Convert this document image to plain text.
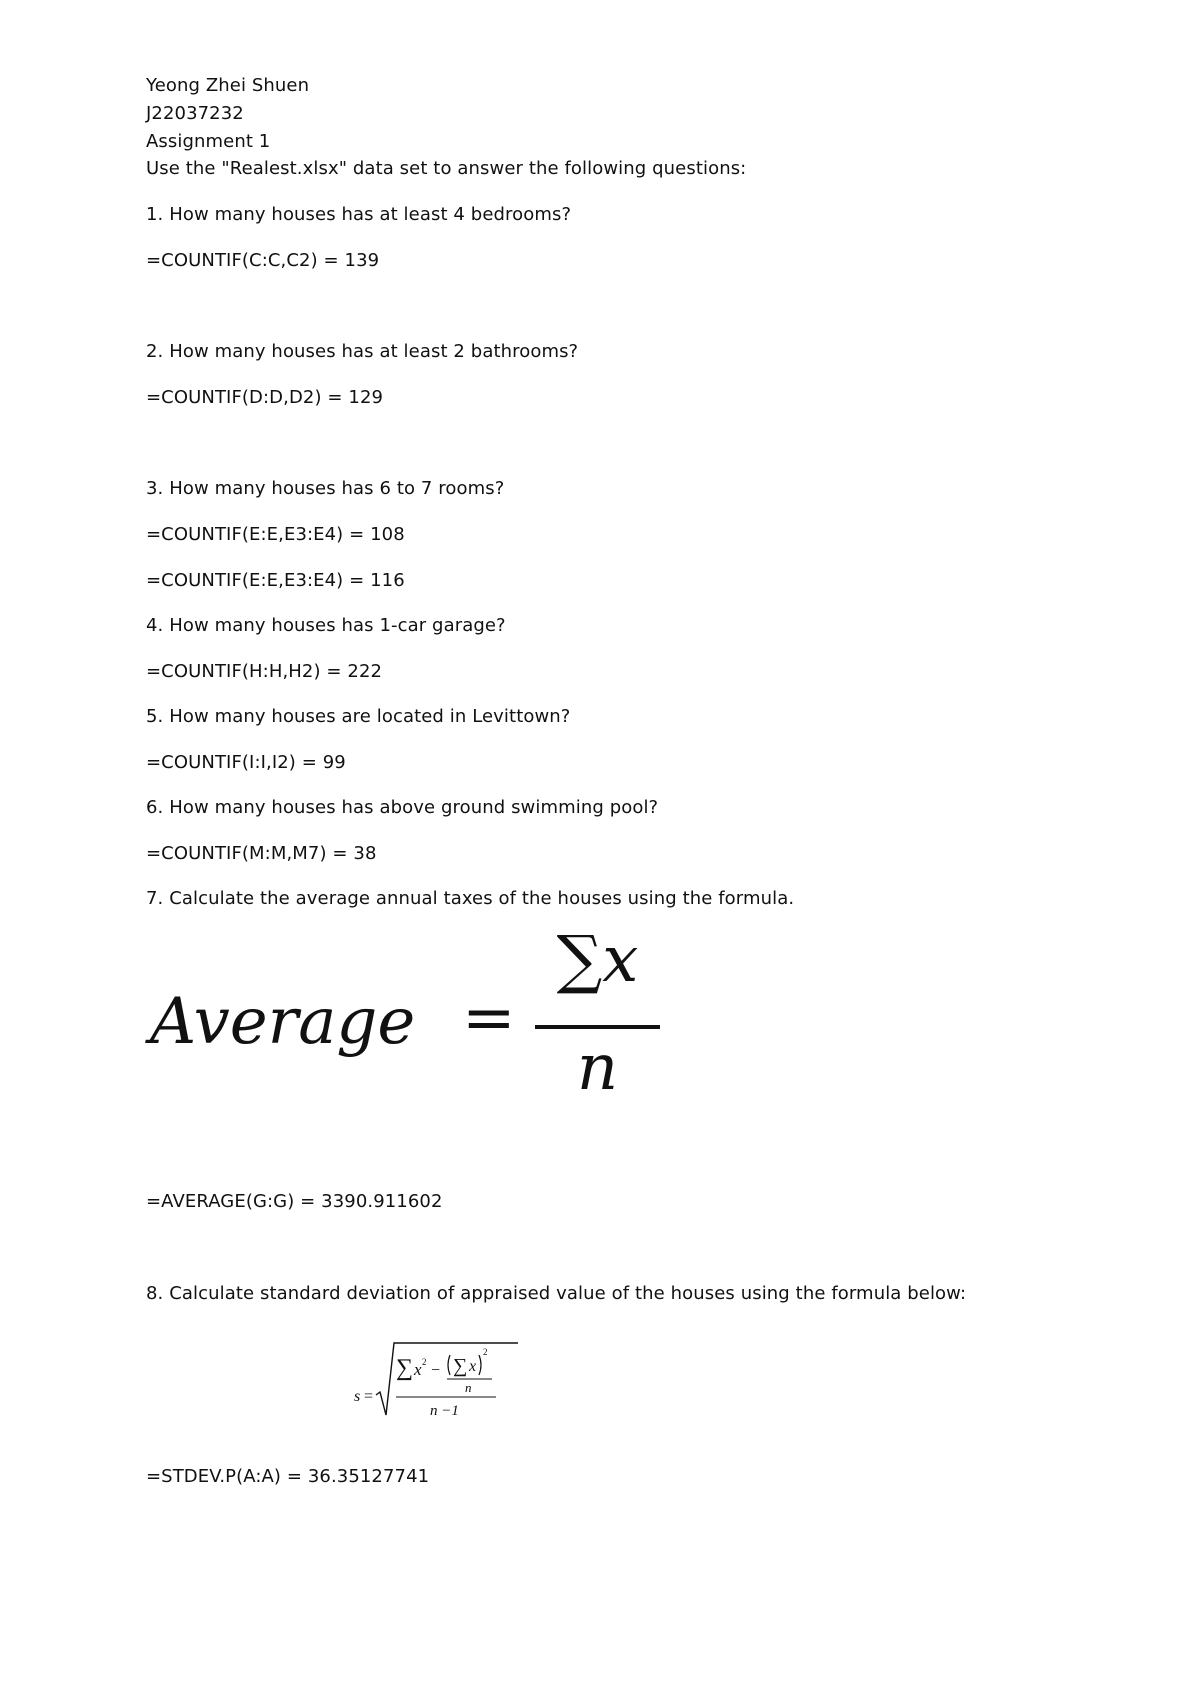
Yeong Zhei Shuen
J22037232
Assignment 1
Use the "Realest.xlsx" data set to answer the following questions:
1. How many houses has at least 4 bedrooms?
=COUNTIF(C:C,C2) = 139
2. How many houses has at least 2 bathrooms?
=COUNTIF(D:D,D2) = 129
3. How many houses has 6 to 7 rooms?
=COUNTIF(E:E,E3:E4) = 108
=COUNTIF(E:E,E3:E4) = 116
4. How many houses has 1-car garage?
=COUNTIF(H:H,H2) = 222
5. How many houses are located in Levittown?
=COUNTIF(I:I,I2) = 99
6. How many houses has above ground swimming pool?
=COUNTIF(M:M,M7) = 38
7. Calculate the average annual taxes of the houses using the formula.
Average =
∑x
n
=AVERAGE(G:G) = 3390.911602
8. Calculate standard deviation of appraised value of the houses using the formula below:
s =
∑ x 2 − ∑ x
2
n
n −1
=STDEV.P(A:A) = 36.35127741
